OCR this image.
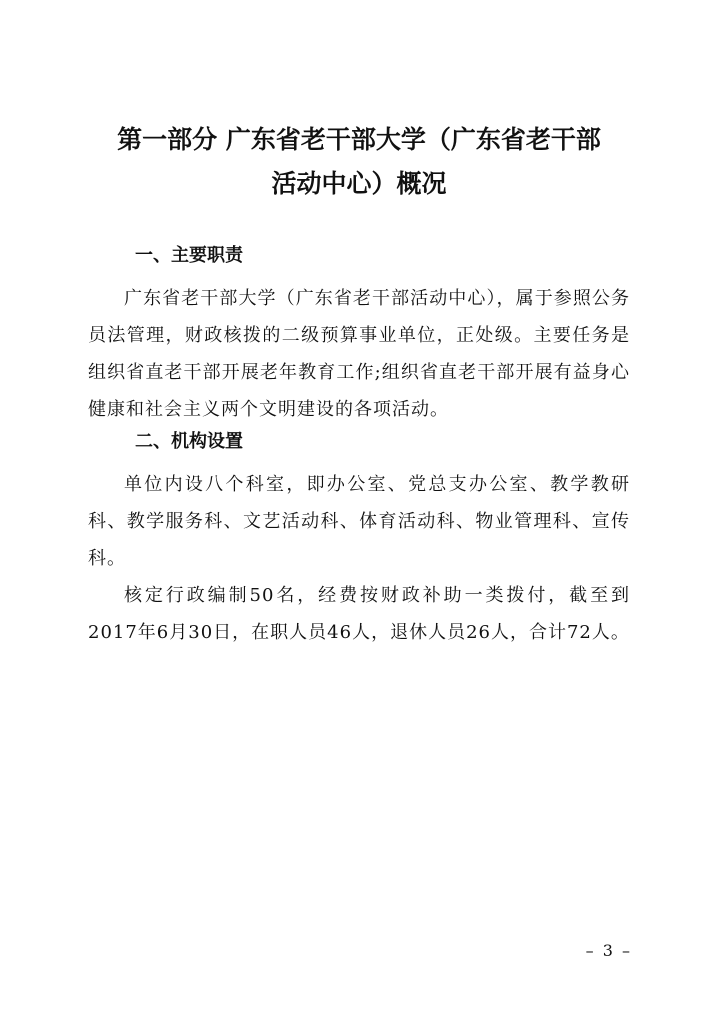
第一部分 广东省老干部大学（广东省老干部
活动中心）概况
一、主要职责

广东省老干部大学（广东省老干部活动中心），属于参照公务员法管理，财政核拨的二级预算事业单位，正处级。主要任务是组织省直老干部开展老年教育工作;组织省直老干部开展有益身心健康和社会主义两个文明建设的各项活动。

二、机构设置

单位内设八个科室，即办公室、党总支办公室、教学教研科、教学服务科、文艺活动科、体育活动科、物业管理科、宣传科。

核定行政编制50名，经费按财政补助一类拨付，截至到2017年6月30日，在职人员46人，退休人员26人，合计72人。

– 3 –
